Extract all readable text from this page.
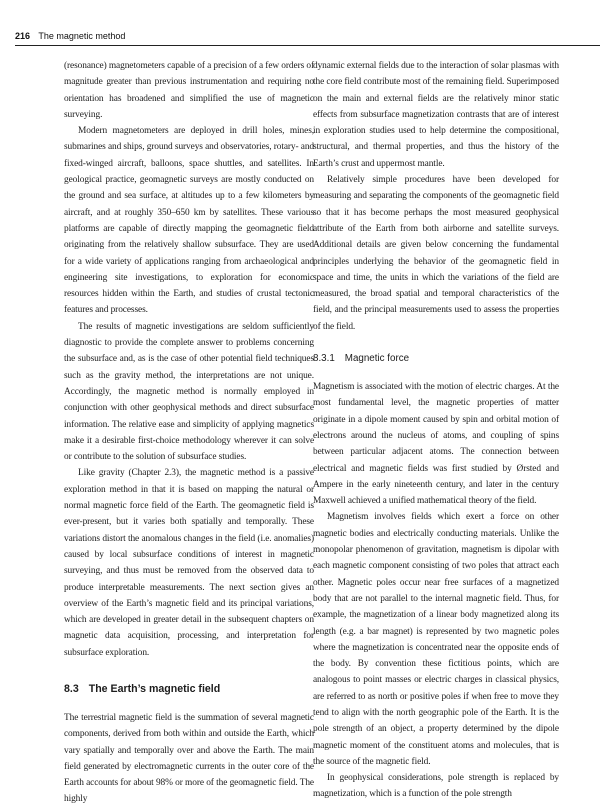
216 The magnetic method

(resonance) magnetometers capable of a precision of a few orders of magnitude greater than previous instrumentation and requiring no orientation has broadened and simplified the use of magnetic surveying.

Modern magnetometers are deployed in drill holes, mines, submarines and ships, ground surveys and observatories, rotary- and fixed-winged aircraft, balloons, space shuttles, and satellites. In geological practice, geomagnetic surveys are mostly conducted on the ground and sea surface, at altitudes up to a few kilometers by aircraft, and at roughly 350–650 km by satellites. These various platforms are capable of directly mapping the geomagnetic field originating from the relatively shallow subsurface. They are used for a wide variety of applications ranging from archaeological and engineering site investigations, to exploration for economic resources hidden within the Earth, and studies of crustal tectonic features and processes.

The results of magnetic investigations are seldom sufficiently diagnostic to provide the complete answer to problems concerning the subsurface and, as is the case of other potential field techniques such as the gravity method, the interpretations are not unique. Accordingly, the magnetic method is normally employed in conjunction with other geophysical methods and direct subsurface information. The relative ease and simplicity of applying magnetics make it a desirable first-choice methodology wherever it can solve or contribute to the solution of subsurface studies.

Like gravity (Chapter 2.3), the magnetic method is a passive exploration method in that it is based on mapping the natural or normal magnetic force field of the Earth. The geomagnetic field is ever-present, but it varies both spatially and temporally. These variations distort the anomalous changes in the field (i.e. anomalies) caused by local subsurface conditions of interest in magnetic surveying, and thus must be removed from the observed data to produce interpretable measurements. The next section gives an overview of the Earth’s magnetic field and its principal variations, which are developed in greater detail in the subsequent chapters on magnetic data acquisition, processing, and interpretation for subsurface exploration.

8.3 The Earth’s magnetic field

The terrestrial magnetic field is the summation of several magnetic components, derived from both within and outside the Earth, which vary spatially and temporally over and above the Earth. The main field generated by electromagnetic currents in the outer core of the Earth accounts for about 98% or more of the geomagnetic field. The highly

dynamic external fields due to the interaction of solar plasmas with the core field contribute most of the remaining field. Superimposed on the main and external fields are the relatively minor static effects from subsurface magnetization contrasts that are of interest in exploration studies used to help determine the compositional, structural, and thermal properties, and thus the history of the Earth’s crust and uppermost mantle.

Relatively simple procedures have been developed for measuring and separating the components of the geomagnetic field so that it has become perhaps the most measured geophysical attribute of the Earth from both airborne and satellite surveys. Additional details are given below concerning the fundamental principles underlying the behavior of the geomagnetic field in space and time, the units in which the variations of the field are measured, the broad spatial and temporal characteristics of the field, and the principal measurements used to assess the properties of the field.

8.3.1 Magnetic force

Magnetism is associated with the motion of electric charges. At the most fundamental level, the magnetic properties of matter originate in a dipole moment caused by spin and orbital motion of electrons around the nucleus of atoms, and coupling of spins between particular adjacent atoms. The connection between electrical and magnetic fields was first studied by Ørsted and Ampere in the early nineteenth century, and later in the century Maxwell achieved a unified mathematical theory of the field.

Magnetism involves fields which exert a force on other magnetic bodies and electrically conducting materials. Unlike the monopolar phenomenon of gravitation, magnetism is dipolar with each magnetic component consisting of two poles that attract each other. Magnetic poles occur near free surfaces of a magnetized body that are not parallel to the internal magnetic field. Thus, for example, the magnetization of a linear body magnetized along its length (e.g. a bar magnet) is represented by two magnetic poles where the magnetization is concentrated near the opposite ends of the body. By convention these fictitious points, which are analogous to point masses or electric charges in classical physics, are referred to as north or positive poles if when free to move they tend to align with the north geographic pole of the Earth. It is the pole strength of an object, a property determined by the dipole magnetic moment of the constituent atoms and molecules, that is the source of the magnetic field.

In geophysical considerations, pole strength is replaced by magnetization, which is a function of the pole strength
